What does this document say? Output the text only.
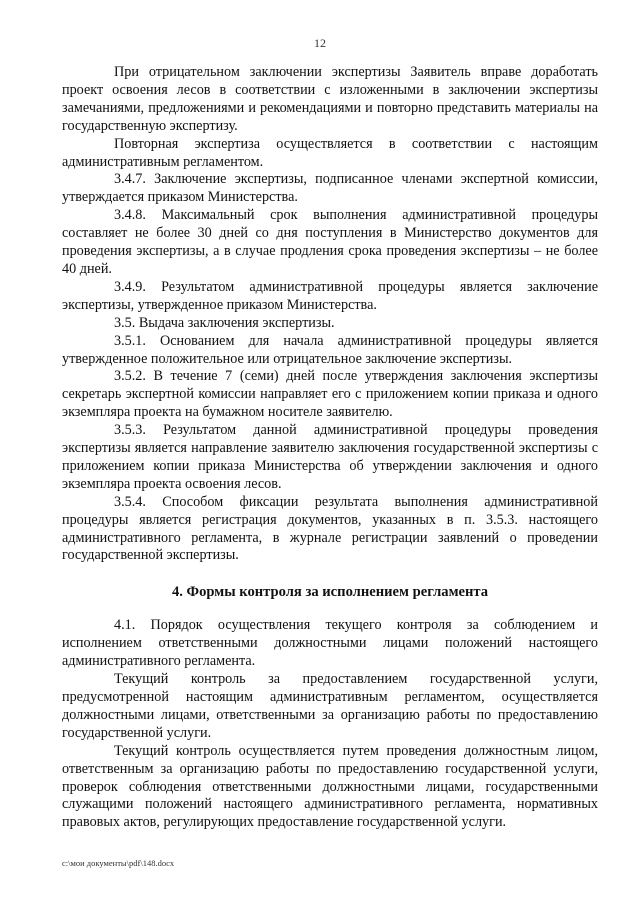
12

При отрицательном заключении экспертизы Заявитель вправе доработать проект освоения лесов в соответствии с изложенными в заключении экспертизы замечаниями, предложениями и рекомендациями и повторно представить материалы на государственную экспертизу.

Повторная экспертиза осуществляется в соответствии с настоящим административным регламентом.

3.4.7. Заключение экспертизы, подписанное членами экспертной комиссии, утверждается приказом Министерства.

3.4.8. Максимальный срок выполнения административной процедуры составляет не более 30 дней со дня поступления в Министерство документов для проведения экспертизы, а в случае продления срока проведения экспертизы – не более 40 дней.

3.4.9. Результатом административной процедуры является заключение экспертизы, утвержденное приказом Министерства.

3.5. Выдача заключения экспертизы.

3.5.1. Основанием для начала административной процедуры является утвержденное положительное или отрицательное заключение экспертизы.

3.5.2. В течение 7 (семи) дней после утверждения заключения экспертизы секретарь экспертной комиссии направляет его с приложением копии приказа и одного экземпляра проекта на бумажном носителе заявителю.

3.5.3. Результатом данной административной процедуры проведения экспертизы является направление заявителю заключения государственной экспертизы с приложением копии приказа Министерства об утверждении заключения и одного экземпляра проекта освоения лесов.

3.5.4. Способом фиксации результата выполнения административной процедуры является регистрация документов, указанных в п. 3.5.3. настоящего административного регламента, в журнале регистрации заявлений о проведении государственной экспертизы.

4. Формы контроля за исполнением регламента

4.1. Порядок осуществления текущего контроля за соблюдением и исполнением ответственными должностными лицами положений настоящего административного регламента.

Текущий контроль за предоставлением государственной услуги, предусмотренной настоящим административным регламентом, осуществляется должностными лицами, ответственными за организацию работы по предоставлению государственной услуги.

Текущий контроль осуществляется путем проведения должностным лицом, ответственным за организацию работы по предоставлению государственной услуги, проверок соблюдения ответственными должностными лицами, государственными служащими положений настоящего административного регламента, нормативных правовых актов, регулирующих предоставление государственной услуги.

c:\мои документы\pdf\148.docx
